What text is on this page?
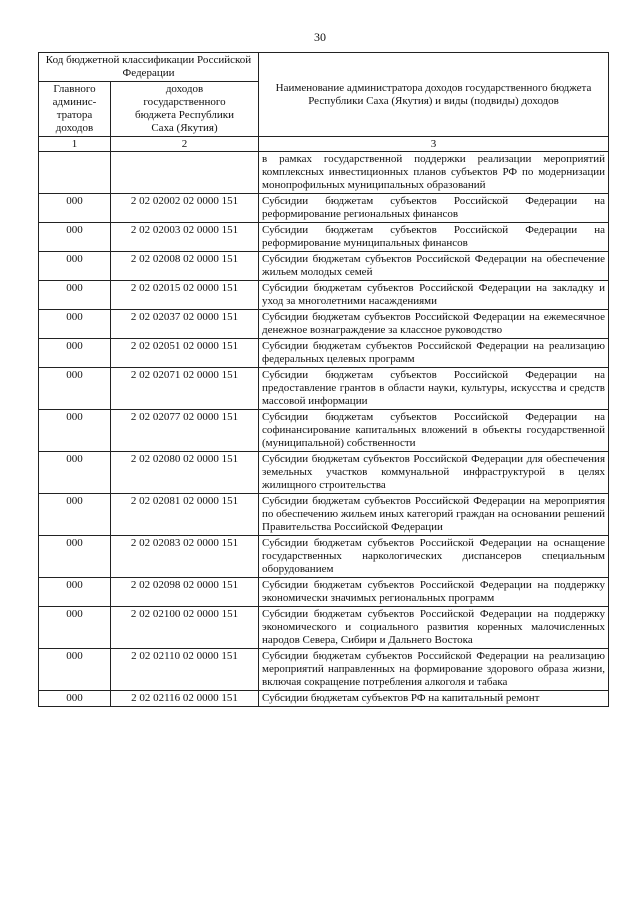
30
Код бюджетной классификации Российской Федерации		Наименование администратора доходов государственного бюджета Республики Саха (Якутия) и виды (подвиды) доходов
Главного админис-тратора доходов	доходов государственного бюджета Республики Саха (Якутия)	
1	2	3
		в рамках государственной поддержки реализации мероприятий комплексных инвестиционных планов субъектов РФ по модернизации монопрофильных муниципальных образований
000	2 02 02002 02 0000 151	Субсидии бюджетам субъектов Российской Федерации на реформирование региональных финансов
000	2 02 02003 02 0000 151	Субсидии бюджетам субъектов Российской Федерации на реформирование муниципальных финансов
000	2 02 02008 02 0000 151	Субсидии бюджетам субъектов Российской Федерации на обеспечение жильем молодых семей
000	2 02 02015 02 0000 151	Субсидии бюджетам субъектов Российской Федерации на закладку и уход за многолетними насаждениями
000	2 02 02037 02 0000 151	Субсидии бюджетам субъектов Российской Федерации на ежемесячное денежное вознаграждение за классное руководство
000	2 02 02051 02 0000 151	Субсидии бюджетам субъектов Российской Федерации на реализацию федеральных целевых программ
000	2 02 02071 02 0000 151	Субсидии бюджетам субъектов Российской Федерации на предоставление грантов в области науки, культуры, искусства и средств массовой информации
000	2 02 02077 02 0000 151	Субсидии бюджетам субъектов Российской Федерации на софинансирование капитальных вложений в объекты государственной (муниципальной) собственности
000	2 02 02080 02 0000 151	Субсидии бюджетам субъектов Российской Федерации для обеспечения земельных участков коммунальной инфраструктурой в целях жилищного строительства
000	2 02 02081 02 0000 151	Субсидии бюджетам субъектов Российской Федерации на мероприятия по обеспечению жильем иных категорий граждан на основании решений Правительства Российской Федерации
000	2 02 02083 02 0000 151	Субсидии бюджетам субъектов Российской Федерации на оснащение государственных наркологических диспансеров специальным оборудованием
000	2 02 02098 02 0000 151	Субсидии бюджетам субъектов Российской Федерации на поддержку экономически значимых региональных программ
000	2 02 02100 02 0000 151	Субсидии бюджетам субъектов Российской Федерации на поддержку экономического и социального развития коренных малочисленных народов Севера, Сибири и Дальнего Востока
000	2 02 02110 02 0000 151	Субсидии бюджетам субъектов Российской Федерации на реализацию мероприятий направленных на формирование здорового образа жизни, включая сокращение потребления алкоголя и табака
000	2 02 02116 02 0000 151	Субсидии бюджетам субъектов РФ на капитальный ремонт
